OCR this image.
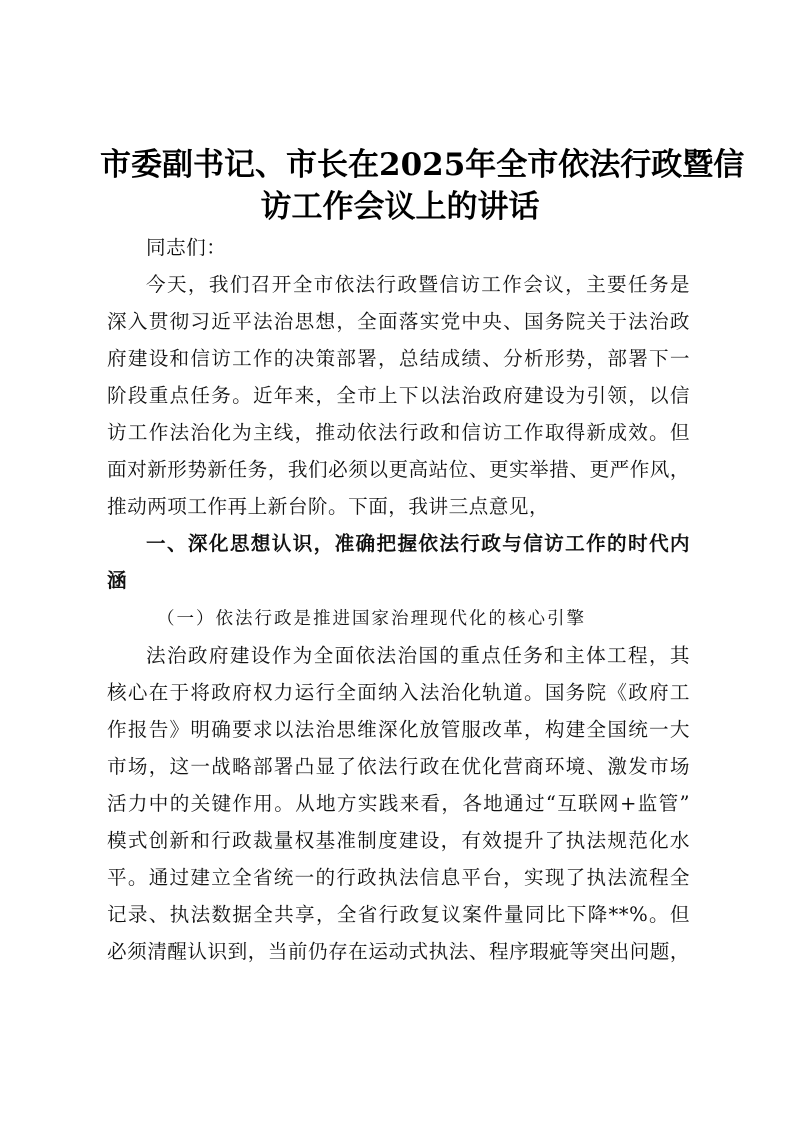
市委副书记、市长在2025年全市依法行政暨信
访工作会议上的讲话
同志们：
今天，我们召开全市依法行政暨信访工作会议，主要任务是
深入贯彻习近平法治思想，全面落实党中央、国务院关于法治政
府建设和信访工作的决策部署，总结成绩、分析形势，部署下一
阶段重点任务。近年来，全市上下以法治政府建设为引领，以信
访工作法治化为主线，推动依法行政和信访工作取得新成效。但
面对新形势新任务，我们必须以更高站位、更实举措、更严作风，
推动两项工作再上新台阶。下面，我讲三点意见，
一、深化思想认识，准确把握依法行政与信访工作的时代内
涵
（一）依法行政是推进国家治理现代化的核心引擎
法治政府建设作为全面依法治国的重点任务和主体工程，其
核心在于将政府权力运行全面纳入法治化轨道。国务院《政府工
作报告》明确要求以法治思维深化放管服改革，构建全国统一大
市场，这一战略部署凸显了依法行政在优化营商环境、激发市场
活力中的关键作用。从地方实践来看，各地通过“互联网+监管”
模式创新和行政裁量权基准制度建设，有效提升了执法规范化水
平。通过建立全省统一的行政执法信息平台，实现了执法流程全
记录、执法数据全共享，全省行政复议案件量同比下降**%。但
必须清醒认识到，当前仍存在运动式执法、程序瑕疵等突出问题，
